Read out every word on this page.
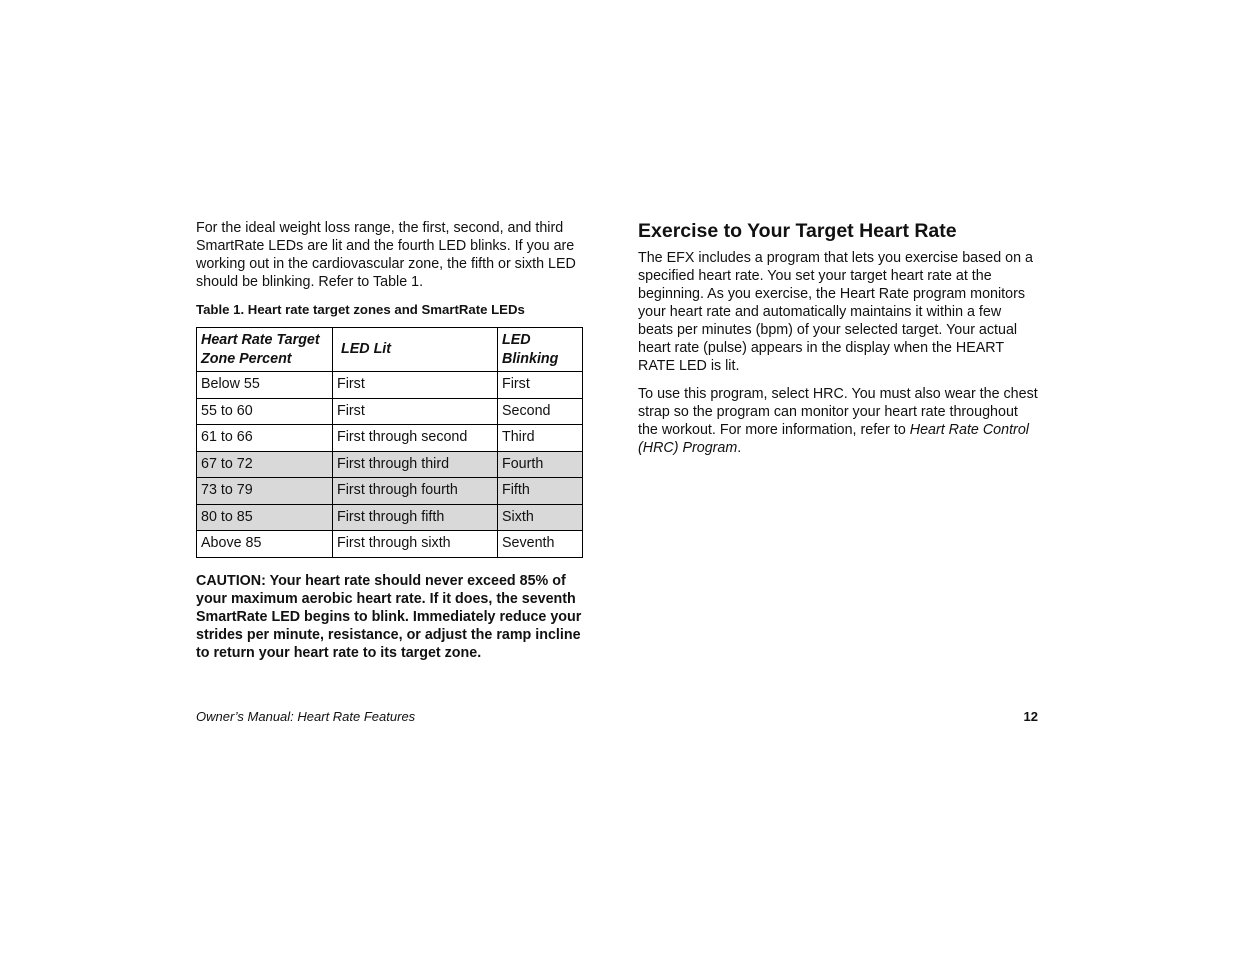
For the ideal weight loss range, the first, second, and third SmartRate LEDs are lit and the fourth LED blinks. If you are working out in the cardiovascular zone, the fifth or sixth LED should be blinking. Refer to Table 1.

Table 1. Heart rate target zones and SmartRate LEDs
Heart Rate Target Zone Percent	LED Lit	LED Blinking
Below 55	First	First
55 to 60	First	Second
61 to 66	First through second	Third
67 to 72	First through third	Fourth
73 to 79	First through fourth	Fifth
80 to 85	First through fifth	Sixth
Above 85	First through sixth	Seventh

CAUTION: Your heart rate should never exceed 85% of your maximum aerobic heart rate. If it does, the seventh SmartRate LED begins to blink. Immediately reduce your strides per minute, resistance, or adjust the ramp incline to return your heart rate to its target zone.

Exercise to Your Target Heart Rate

The EFX includes a program that lets you exercise based on a specified heart rate. You set your target heart rate at the beginning. As you exercise, the Heart Rate program monitors your heart rate and automatically maintains it within a few beats per minutes (bpm) of your selected target. Your actual heart rate (pulse) appears in the display when the HEART RATE LED is lit.

To use this program, select HRC. You must also wear the chest strap so the program can monitor your heart rate throughout the workout. For more information, refer to Heart Rate Control (HRC) Program.

Owner’s Manual: Heart Rate Features	12
